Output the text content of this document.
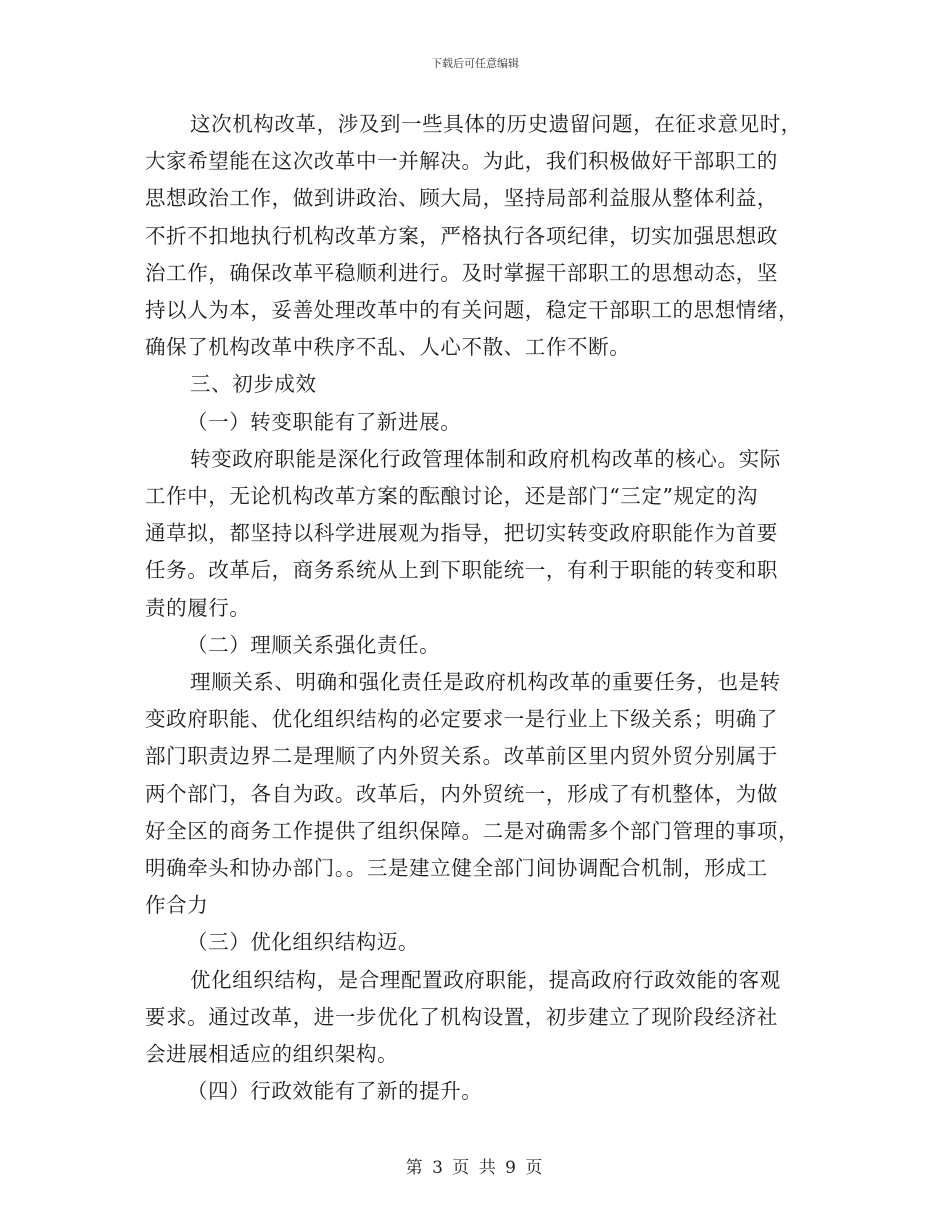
下载后可任意编辑
这次机构改革，涉及到一些具体的历史遗留问题，在征求意见时，
大家希望能在这次改革中一并解决。为此，我们积极做好干部职工的
思想政治工作，做到讲政治、顾大局，坚持局部利益服从整体利益，
不折不扣地执行机构改革方案，严格执行各项纪律，切实加强思想政
治工作，确保改革平稳顺利进行。及时掌握干部职工的思想动态，坚
持以人为本，妥善处理改革中的有关问题，稳定干部职工的思想情绪，
确保了机构改革中秩序不乱、人心不散、工作不断。
三、初步成效
（一）转变职能有了新进展。
转变政府职能是深化行政管理体制和政府机构改革的核心。实际
工作中，无论机构改革方案的酝酿讨论，还是部门“三定”规定的沟
通草拟，都坚持以科学进展观为指导，把切实转变政府职能作为首要
任务。改革后，商务系统从上到下职能统一，有利于职能的转变和职
责的履行。
（二）理顺关系强化责任。
理顺关系、明确和强化责任是政府机构改革的重要任务，也是转
变政府职能、优化组织结构的必定要求一是行业上下级关系；明确了
部门职责边界二是理顺了内外贸关系。改革前区里内贸外贸分别属于
两个部门，各自为政。改革后，内外贸统一，形成了有机整体，为做
好全区的商务工作提供了组织保障。二是对确需多个部门管理的事项，
明确牵头和协办部门。。三是建立健全部门间协调配合机制，形成工
作合力
（三）优化组织结构迈。
优化组织结构，是合理配置政府职能，提高政府行政效能的客观
要求。通过改革，进一步优化了机构设置，初步建立了现阶段经济社
会进展相适应的组织架构。
（四）行政效能有了新的提升。
第 3 页 共 9 页
